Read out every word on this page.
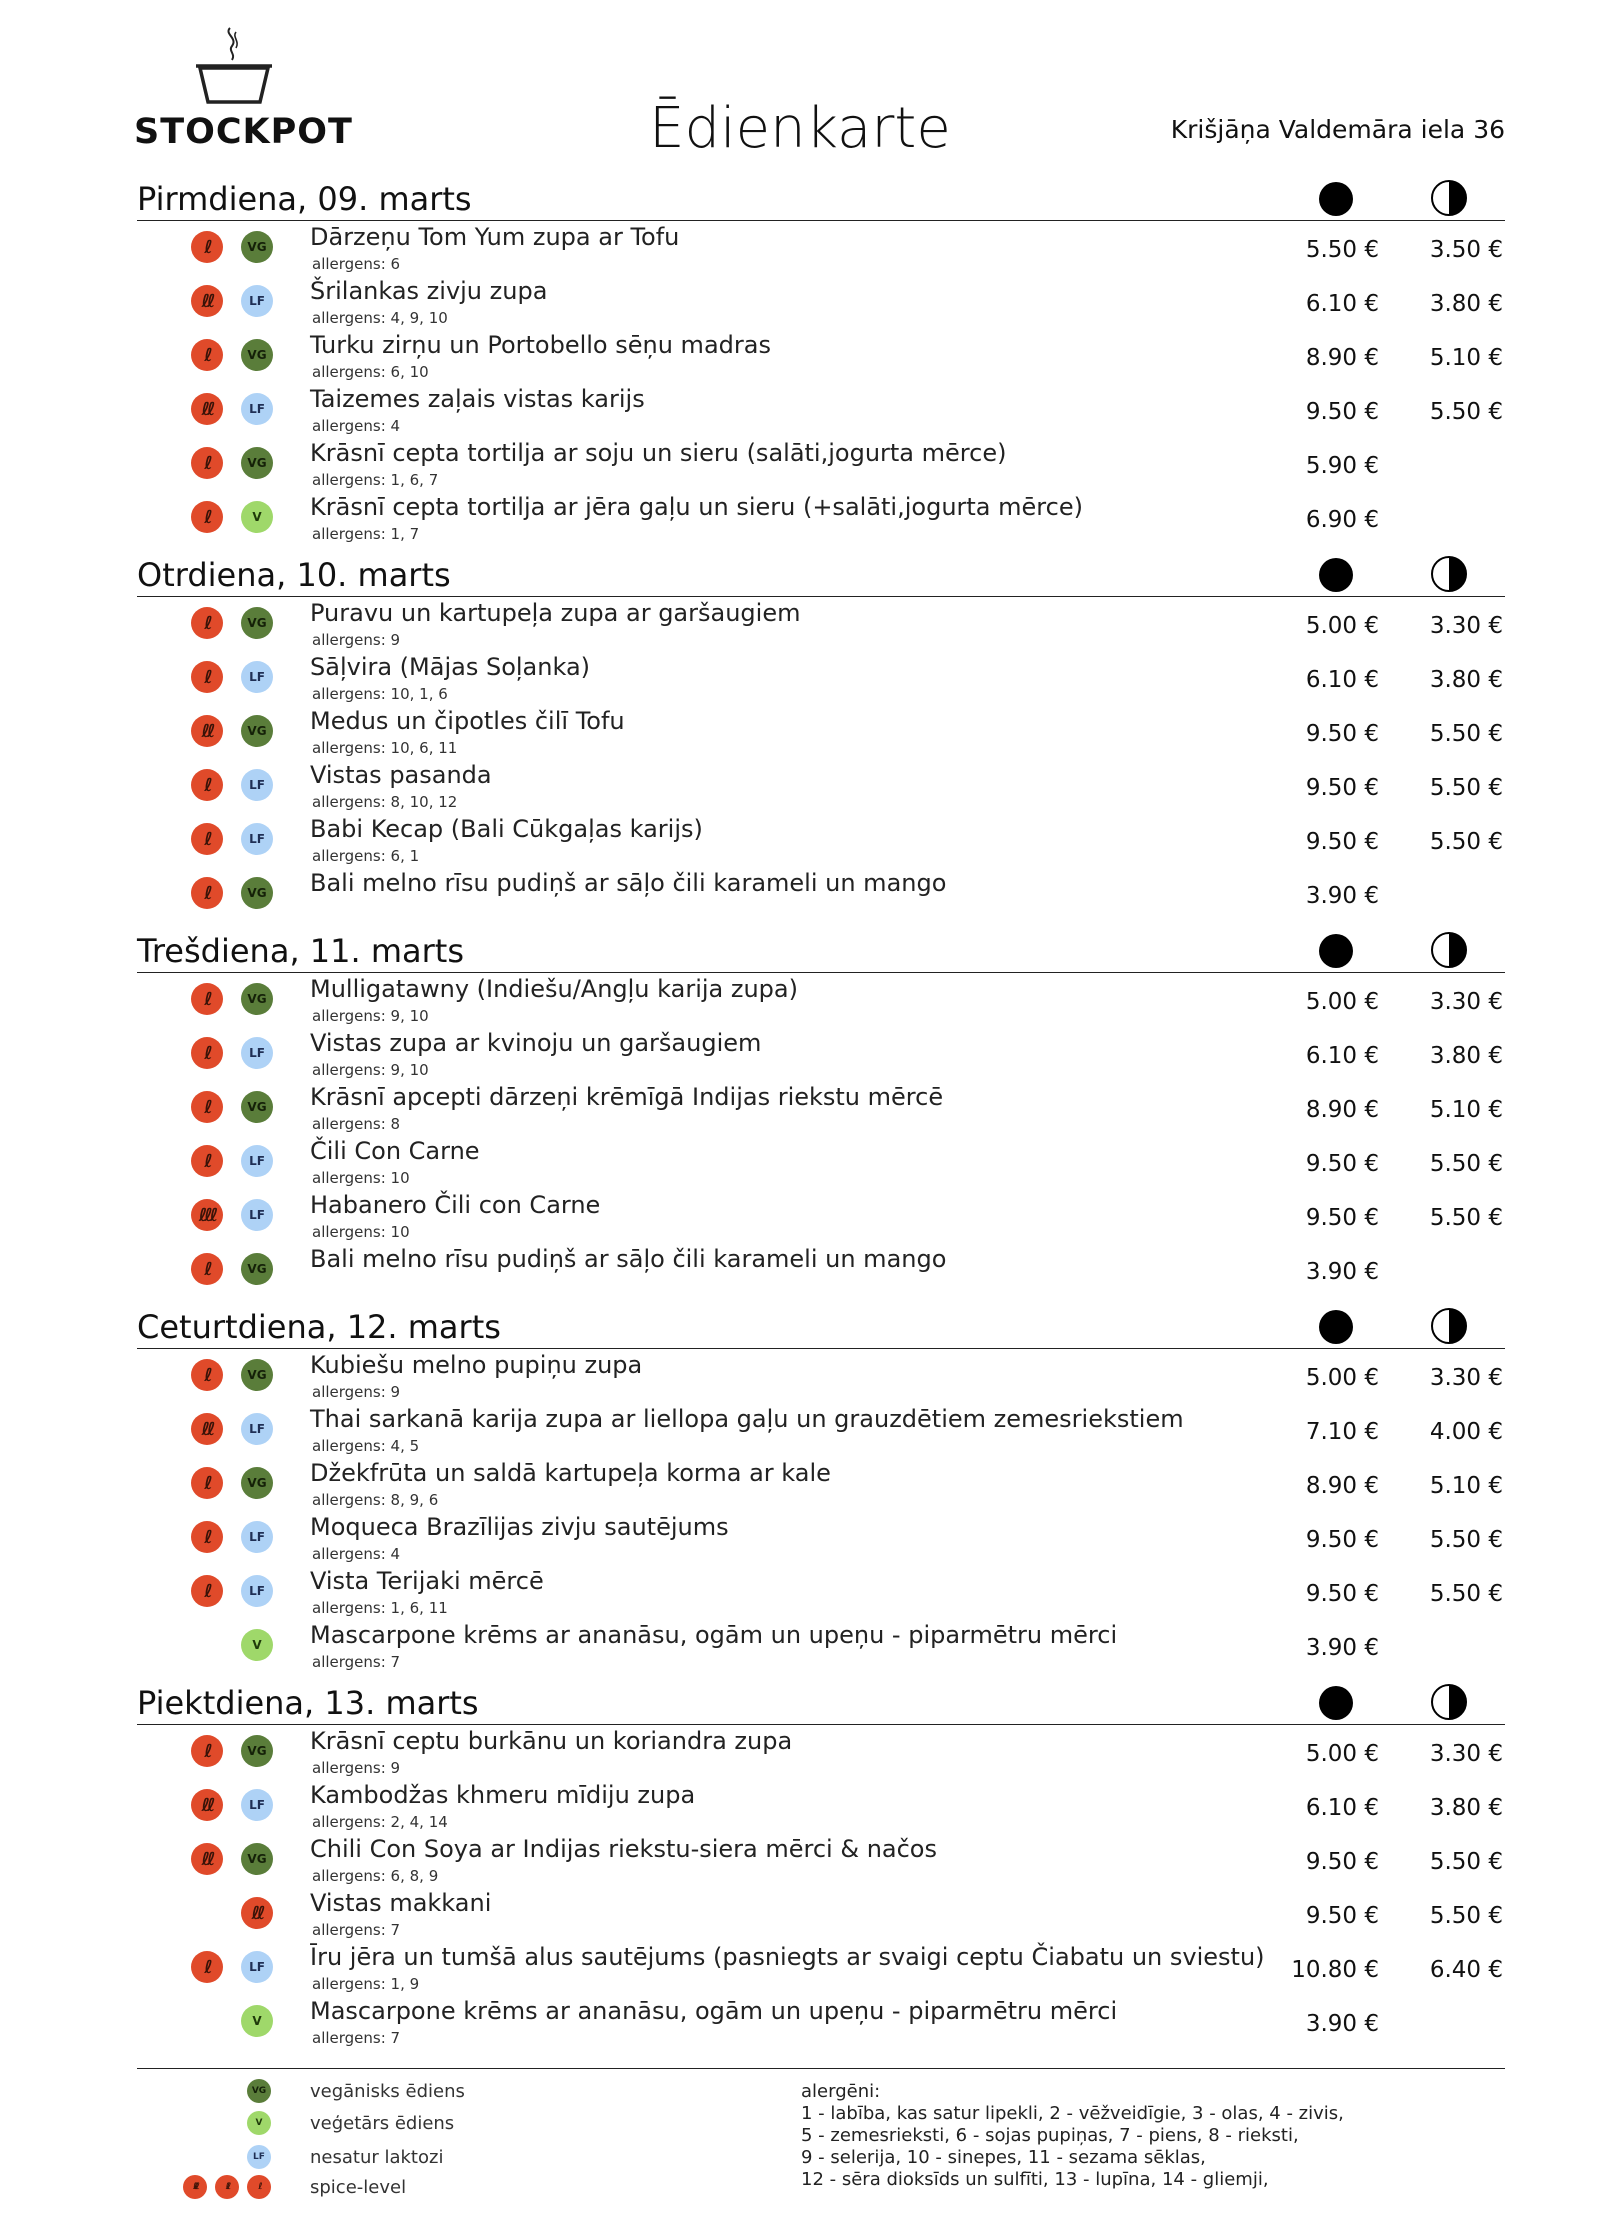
STOCKPOT	Ēdienkarte	Krišjāņa Valdemāra iela 36
Pirmdiena, 09. marts
ℓ	VG Dārzeņu Tom Yum zupa ar Tofu
allergens: 6
5.50 € 3.50 €
ℓℓ	LF	Šrilankas zivju zupa
allergens: 4, 9, 10
6.10 € 3.80 €
ℓ	VG Turku zirņu un Portobello sēņu madras
allergens: 6, 10
8.90 € 5.10 €
ℓℓ	LF	Taizemes zaļais vistas karijs
allergens: 4
9.50 € 5.50 €
ℓ	VG Krāsnī cepta tortilja ar soju un sieru (salāti,jogurta mērce)
allergens: 1, 6, 7
5.90 €
ℓ	V	Krāsnī cepta tortilja ar jēra gaļu un sieru (+salāti,jogurta mērce)
allergens: 1, 7
6.90 €
Otrdiena, 10. marts
ℓ	VG Puravu un kartupeļa zupa ar garšaugiem
allergens: 9
5.00 € 3.30 €
ℓ	LF	Sāļvira (Mājas Soļanka)
allergens: 10, 1, 6
6.10 € 3.80 €
ℓℓ	VG Medus un čipotles čilī Tofu
allergens: 10, 6, 11
9.50 € 5.50 €
ℓ	LF	Vistas pasanda
allergens: 8, 10, 12
9.50 € 5.50 €
ℓ	LF	Babi Kecap (Bali Cūkgaļas karijs)
allergens: 6, 1
9.50 € 5.50 €
ℓ	VG Bali melno rīsu pudiņš ar sāļo čili karameli un mango	3.90 €
Trešdiena, 11. marts
ℓ	VG Mulligatawny (Indiešu/Angļu karija zupa)
allergens: 9, 10
5.00 € 3.30 €
ℓ	LF	Vistas zupa ar kvinoju un garšaugiem
allergens: 9, 10
6.10 € 3.80 €
ℓ	VG Krāsnī apcepti dārzeņi krēmīgā Indijas riekstu mērcē
allergens: 8
8.90 € 5.10 €
ℓ	LF	Čili Con Carne
allergens: 10
9.50 € 5.50 €
ℓℓℓ	LF	Habanero Čili con Carne
allergens: 10
9.50 € 5.50 €
ℓ	VG Bali melno rīsu pudiņš ar sāļo čili karameli un mango	3.90 €
Ceturtdiena, 12. marts
ℓ	VG Kubiešu melno pupiņu zupa
allergens: 9
5.00 € 3.30 €
ℓℓ	LF	Thai sarkanā karija zupa ar liellopa gaļu un grauzdētiem zemesriekstiem
allergens: 4, 5
7.10 € 4.00 €
ℓ	VG Džekfrūta un saldā kartupeļa korma ar kale
allergens: 8, 9, 6
8.90 € 5.10 €
ℓ	LF	Moqueca Brazīlijas zivju sautējums
allergens: 4
9.50 € 5.50 €
ℓ	LF	Vista Terijaki mērcē
allergens: 1, 6, 11
9.50 € 5.50 €
V	Mascarpone krēms ar ananāsu, ogām un upeņu - piparmētru mērci
allergens: 7
3.90 €
Piektdiena, 13. marts
ℓ	VG Krāsnī ceptu burkānu un koriandra zupa
allergens: 9
5.00 € 3.30 €
ℓℓ	LF	Kambodžas khmeru mīdiju zupa
allergens: 2, 4, 14
6.10 € 3.80 €
ℓℓ	VG Chili Con Soya ar Indijas riekstu-siera mērci & načos
allergens: 6, 8, 9
9.50 € 5.50 €
ℓℓ	Vistas makkani
allergens: 7
9.50 € 5.50 €
ℓ	LF	Īru jēra un tumšā alus sautējums (pasniegts ar svaigi ceptu Čiabatu un sviestu)
allergens: 1, 9
10.80 € 6.40 €
V	Mascarpone krēms ar ananāsu, ogām un upeņu - piparmētru mērci
allergens: 7
3.90 €
VG vegānisks ēdiens
V	veģetārs ēdiens
LF	nesatur laktozi
ℓℓℓ	ℓℓ	ℓ	spice-level
alergēni:
1 - labība, kas satur lipekli, 2 - vēžveidīgie, 3 - olas, 4 - zivis,
5 - zemesrieksti, 6 - sojas pupiņas, 7 - piens, 8 - rieksti,
9 - selerija, 10 - sinepes, 11 - sezama sēklas,
12 - sēra dioksīds un sulfīti, 13 - lupīna, 14 - gliemji,
